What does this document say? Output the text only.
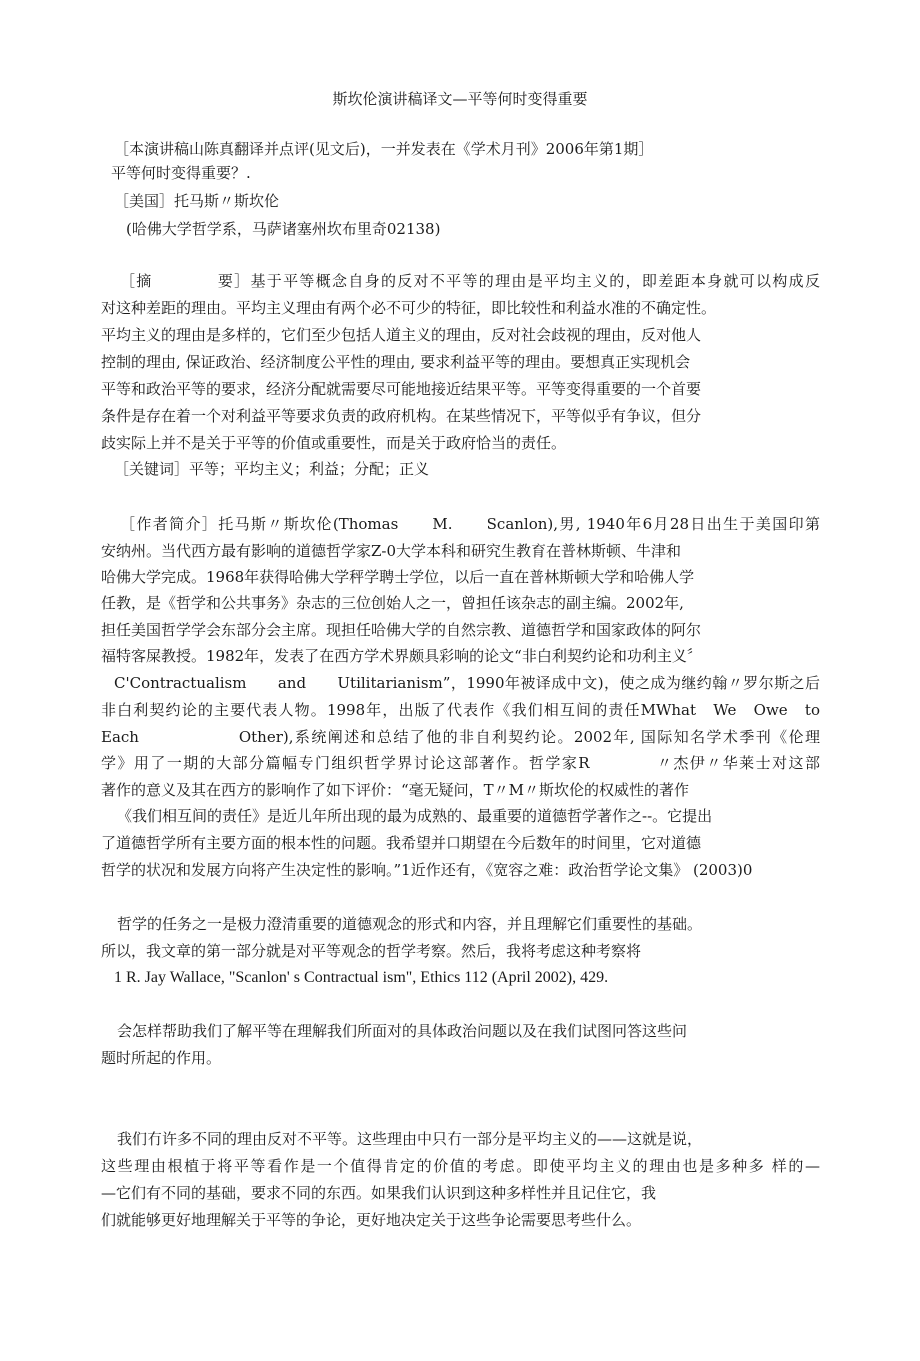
斯坎伦演讲稿译文—平等何时变得重要
［本演讲稿山陈真翻译并点评(见文后)，一并发表在《学术月刊》2006年第1期］
平等何时变得重要？.
［美国］托马斯〃斯坎伦
(哈佛大学哲学系，马萨诸塞州坎布里奇02138)
［摘　　　　要］基于平等概念自身的反对不平等的理由是平均主义的，即差距本身就可以构成反
对这种差距的理由。平均主义理由有两个必不可少的特征，即比较性和利益水准的不确定性。
平均主义的理由是多样的，它们至少包括人道主义的理由，反对社会歧视的理由，反对他人
控制的理由, 保证政治、经济制度公平性的理由, 要求利益平等的理由。要想真正实现机会
平等和政治平等的要求，经济分配就需要尽可能地接近结果平等。平等变得重要的一个首要
条件是存在着一个对利益平等要求负责的政府机构。在某些情况下，平等似乎有争议，但分
歧实际上并不是关于平等的价值或重要性，而是关于政府恰当的责任。
［关键词］平等；平均主义；利益；分配；正义
［作者简介］托马斯〃斯坎伦(Thomas　　M.　　Scanlon),男, 1940年6月28日出生于美国印第
安纳州。当代西方最有影响的道德哲学家Z-0大学本科和研究生教育在普林斯顿、牛津和
哈佛大学完成。1968年获得哈佛大学秤学聘士学位，以后一直在普林斯顿大学和哈佛人学
任教，是《哲学和公共事务》杂志的三位创始人之一，曾担任该杂志的副主编。2002年,
担任美国哲学学会东部分会主席。现担任哈佛大学的自然宗教、道德哲学和国家政体的阿尔
福特客屎教授。1982年，发表了在西方学术界颇具彩响的论文“非白利契约论和功利主义〞
C'Contractualism　　and　　Utilitarianism”，1990年被译成中文)，使之成为继约翰〃罗尔斯之后
非白利契约论的主要代表人物。1998年，出版了代表作《我们相互间的责任MWhat　We　Owe　to
Each　　　　　　Other),系统阐述和总结了他的非自利契约论。2002年, 国际知名学术季刊《伦理
学》用了一期的大部分篇幅专门组织哲学界讨论这部著作。哲学家R　　　　〃杰伊〃华莱士对这部
著作的意义及其在西方的影响作了如下评价：“毫无疑问，T〃M〃斯坎伦的权威性的著作
《我们相互间的责任》是近儿年所出现的最为成熟的、最重要的道德哲学著作之--。它提出
了道德哲学所有主要方面的根本性的问题。我希望并口期望在今后数年的时间里，它对道德
哲学的状况和发展方向将产生决定性的影响。”1近作还有，《宽容之难：政治哲学论文集》 (2003)0
哲学的任务之一是极力澄清重要的道德观念的形式和内容，并且理解它们重要性的基础。
所以，我文章的第一部分就是对平等观念的哲学考察。然后，我将考虑这种考察将
1 R. Jay Wallace, "Scanlon' s Contractual ism", Ethics 112 (April 2002), 429.
会怎样帮助我们了解平等在理解我们所面对的具体政治问题以及在我们试图冋答这些问
题时所起的作用。
我们冇许多不同的理由反对不平等。这些理由中只冇一部分是平均主义的——这就是说，
这些理由根植于将平等看作是一个值得肯定的价值的考虑。即使平均主义的理由也是多种多 样的—
—它们有不同的基础，要求不同的东西。如果我们认识到这种多样性并且记住它，我
们就能够更好地理解关于平等的争论，更好地决定关于这些争论需要思考些什么。
